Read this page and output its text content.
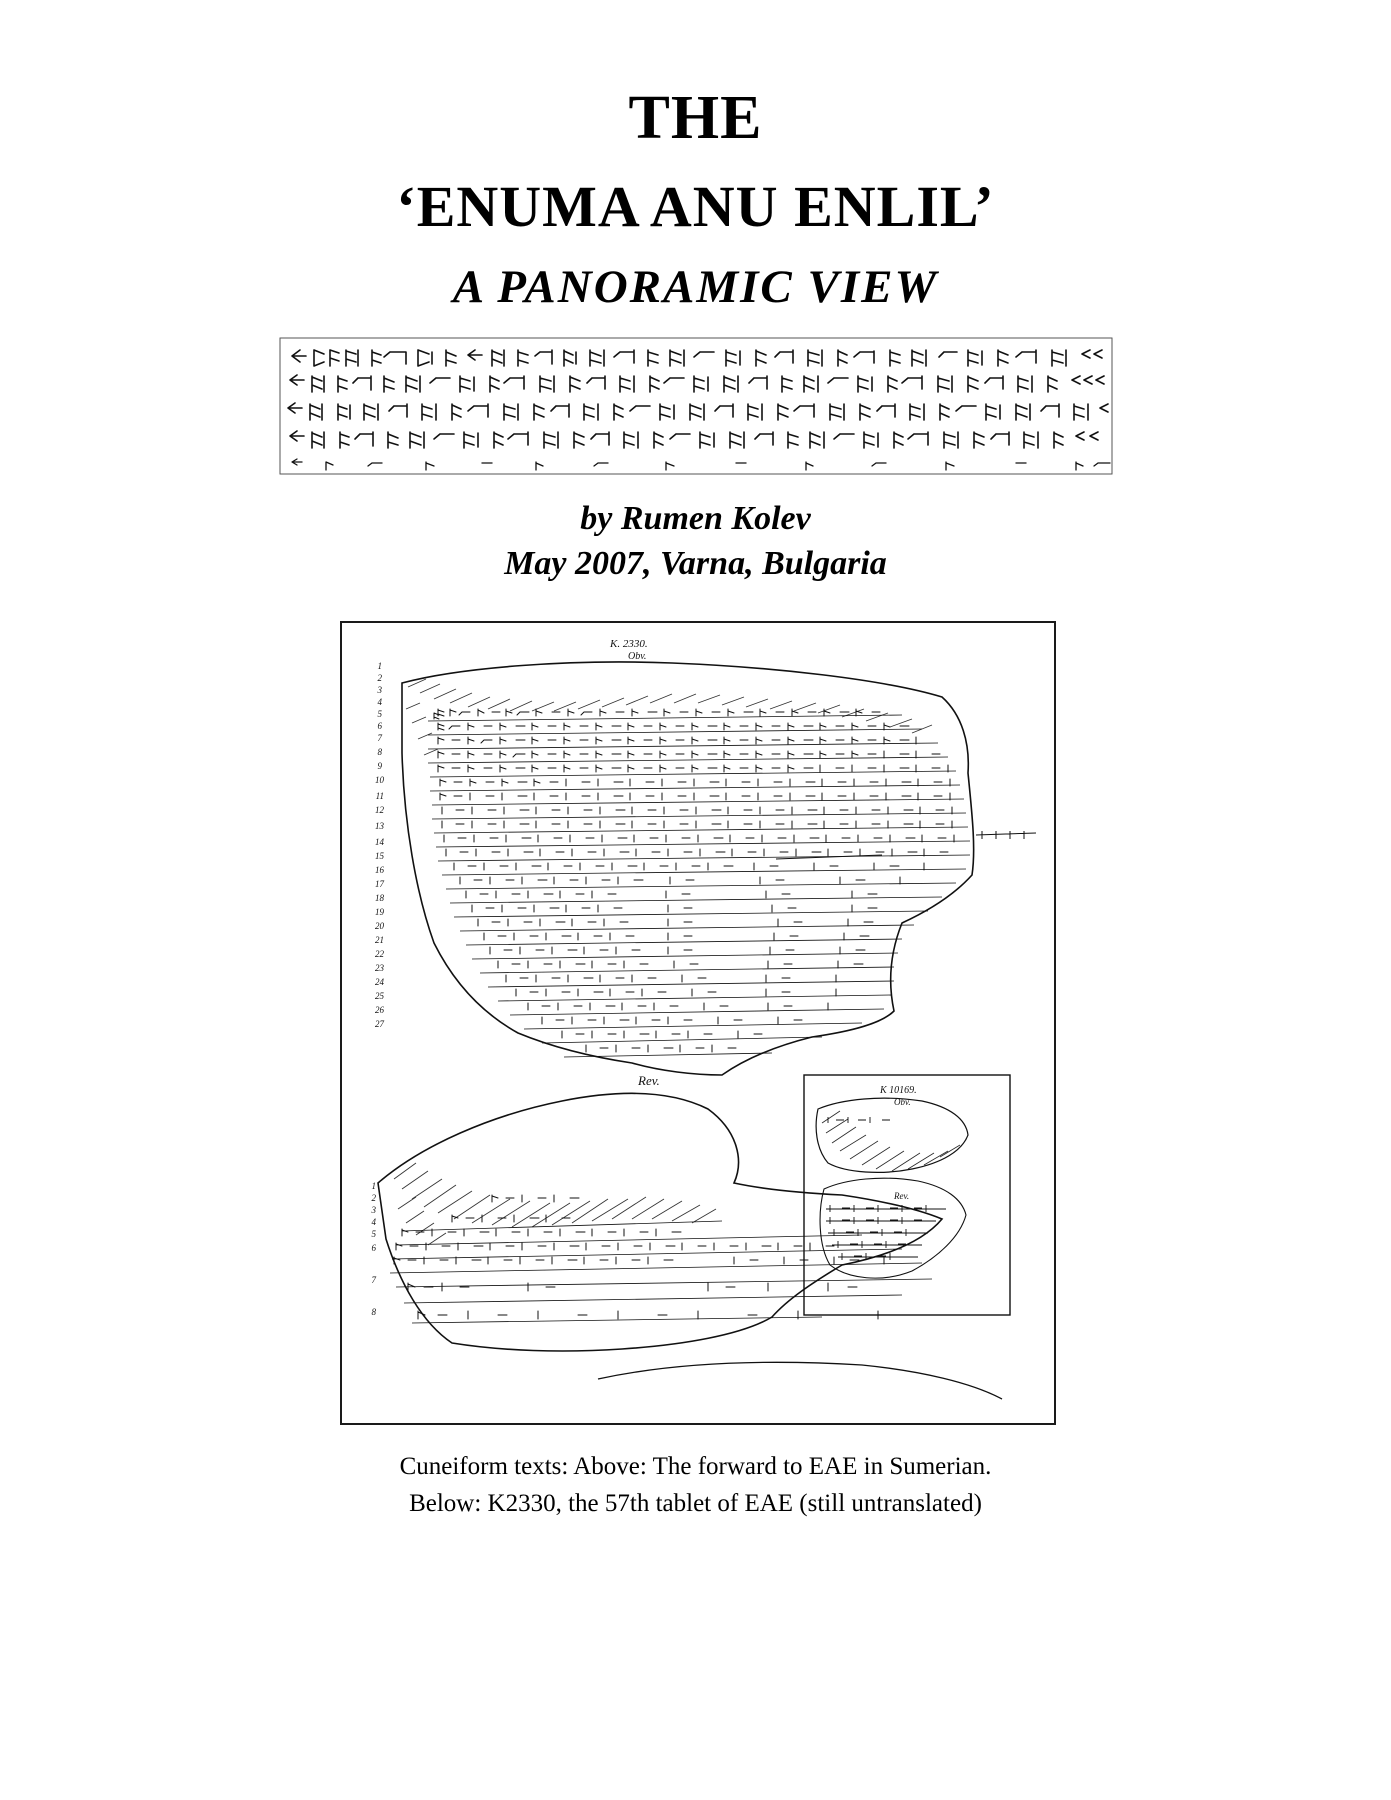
THE
‘ENUMA ANU ENLIL’
A PANORAMIC VIEW
by Rumen Kolev
May 2007, Varna, Bulgaria
K. 2330.
Obv.
1
2
3
4
5
6
7
8
9
10
11
12
13
14
15
16
17
18
19
20
21
22
23
24
25
26
27
Rev.
1
2
3
4
5
6
7
8
K 10169.
Obv.
Rev.
Cuneiform texts: Above: The forward to EAE in Sumerian.
Below: K2330, the 57th tablet of EAE (still untranslated)
